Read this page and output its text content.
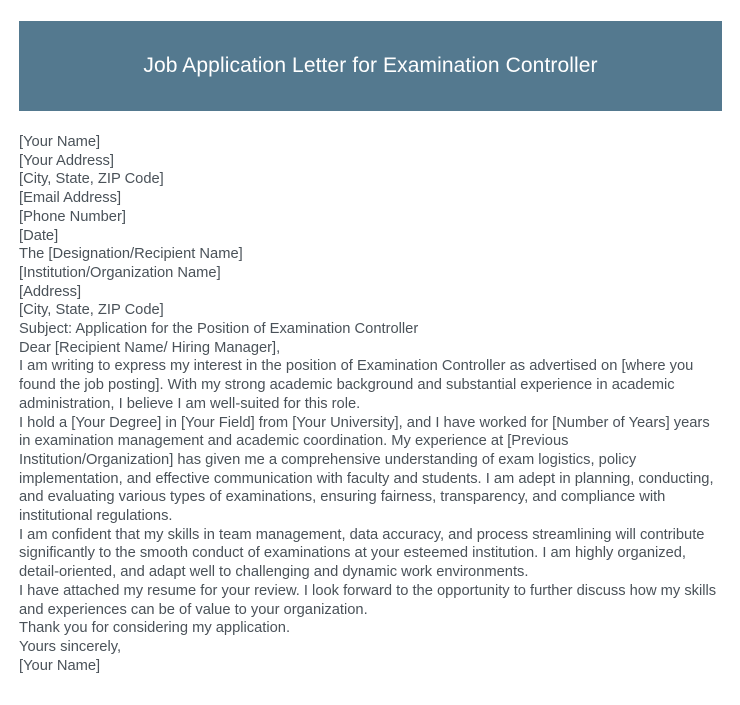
Job Application Letter for Examination Controller

[Your Name]

[Your Address]

[City, State, ZIP Code]

[Email Address]

[Phone Number]

[Date]

The [Designation/Recipient Name]

[Institution/Organization Name]

[Address]

[City, State, ZIP Code]

Subject: Application for the Position of Examination Controller

Dear [Recipient Name/ Hiring Manager],

I am writing to express my interest in the position of Examination Controller as advertised on [where you found the job posting]. With my strong academic background and substantial experience in academic administration, I believe I am well-suited for this role.

I hold a [Your Degree] in [Your Field] from [Your University], and I have worked for [Number of Years] years in examination management and academic coordination. My experience at [Previous Institution/Organization] has given me a comprehensive understanding of exam logistics, policy implementation, and effective communication with faculty and students. I am adept in planning, conducting, and evaluating various types of examinations, ensuring fairness, transparency, and compliance with institutional regulations.

I am confident that my skills in team management, data accuracy, and process streamlining will contribute significantly to the smooth conduct of examinations at your esteemed institution. I am highly organized, detail-oriented, and adapt well to challenging and dynamic work environments.

I have attached my resume for your review. I look forward to the opportunity to further discuss how my skills and experiences can be of value to your organization.

Thank you for considering my application.

Yours sincerely,

[Your Name]
